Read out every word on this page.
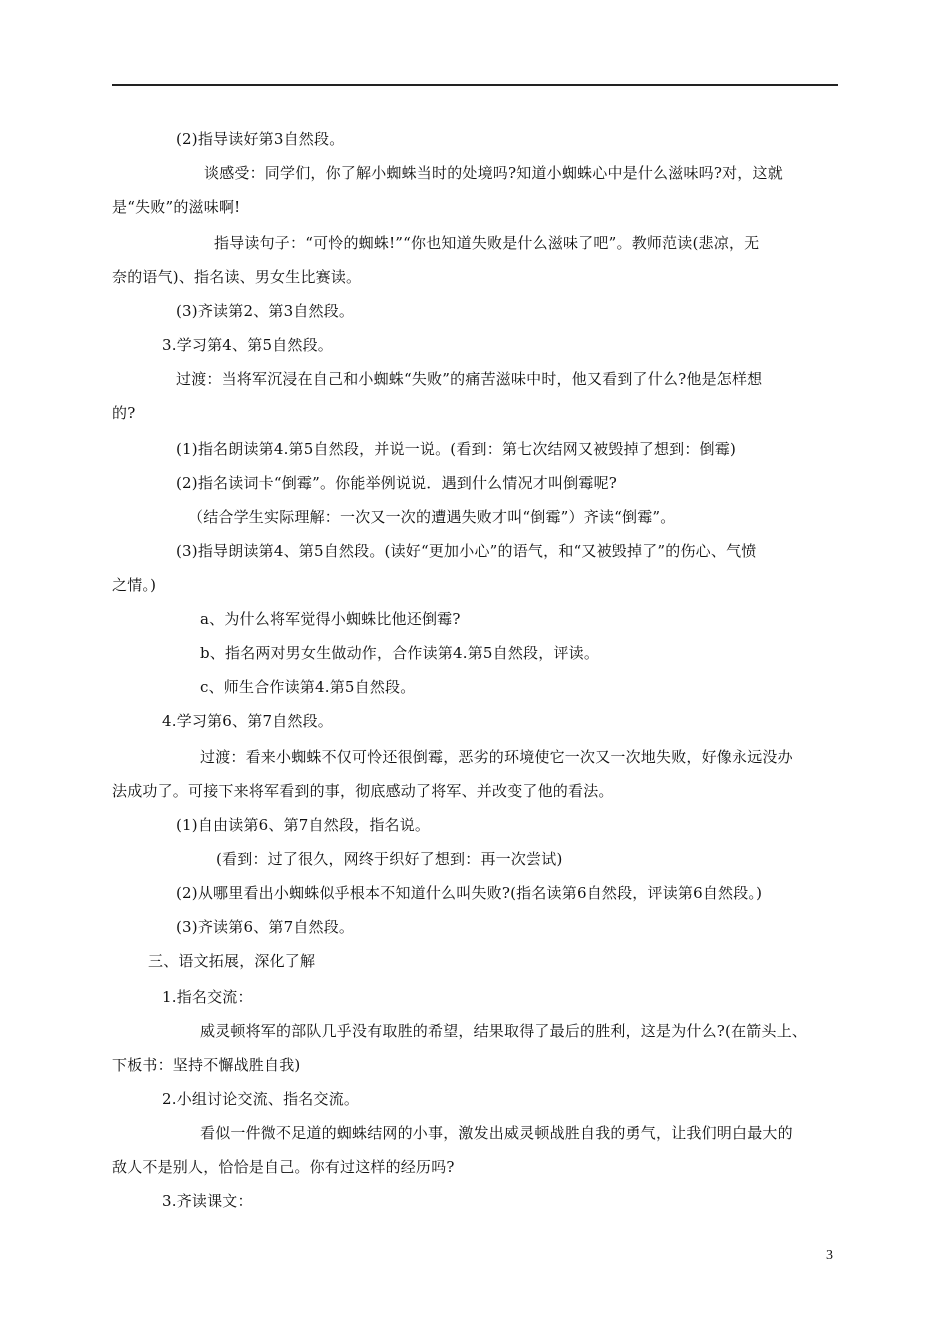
(2)指导读好第3自然段。
谈感受：同学们，你了解小蜘蛛当时的处境吗?知道小蜘蛛心中是什么滋味吗?对，这就
是“失败”的滋味啊!
指导读句子：“可怜的蜘蛛!”“你也知道失败是什么滋味了吧”。教师范读(悲凉，无
奈的语气)、指名读、男女生比赛读。
(3)齐读第2、第3自然段。
3.学习第4、第5自然段。
过渡：当将军沉浸在自己和小蜘蛛“失败”的痛苦滋味中时，他又看到了什么?他是怎样想
的?
(1)指名朗读第4.第5自然段，并说一说。(看到：第七次结网又被毁掉了想到：倒霉)
(2)指名读词卡“倒霉”。你能举例说说．遇到什么情况才叫倒霉呢?
（结合学生实际理解：一次又一次的遭遇失败才叫“倒霉”）齐读“倒霉”。
(3)指导朗读第4、第5自然段。(读好“更加小心”的语气，和“又被毁掉了”的伤心、气愤
之情。)
a、为什么将军觉得小蜘蛛比他还倒霉?
b、指名两对男女生做动作，合作读第4.第5自然段，评读。
c、师生合作读第4.第5自然段。
4.学习第6、第7自然段。
过渡：看来小蜘蛛不仅可怜还很倒霉，恶劣的环境使它一次又一次地失败，好像永远没办
法成功了。可接下来将军看到的事，彻底感动了将军、并改变了他的看法。
(1)自由读第6、第7自然段，指名说。
(看到：过了很久，网终于织好了想到：再一次尝试)
(2)从哪里看出小蜘蛛似乎根本不知道什么叫失败?(指名读第6自然段，评读第6自然段。)
(3)齐读第6、第7自然段。
三、语文拓展，深化了解
1.指名交流：
威灵顿将军的部队几乎没有取胜的希望，结果取得了最后的胜利，这是为什么?(在箭头上、
下板书：坚持不懈战胜自我)
2.小组讨论交流、指名交流。
看似一件微不足道的蜘蛛结网的小事，激发出威灵顿战胜自我的勇气，让我们明白最大的
敌人不是别人，恰恰是自己。你有过这样的经历吗?
3.齐读课文：
3
